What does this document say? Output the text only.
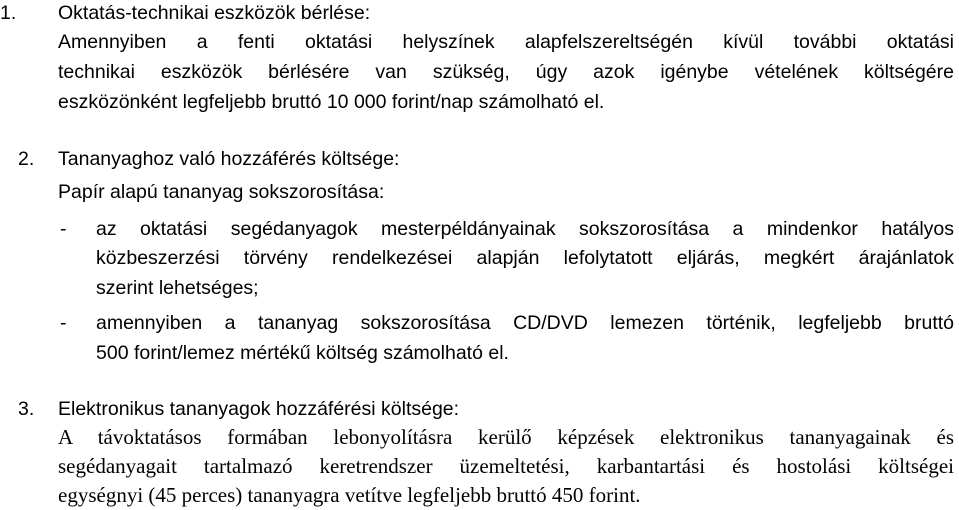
1. Oktatás-technikai eszközök bérlése:
Amennyiben a fenti oktatási helyszínek alapfelszereltségén kívül további oktatási
technikai eszközök bérlésére van szükség, úgy azok igénybe vételének költségére
eszközönként legfeljebb bruttó 10 000 forint/nap számolható el.
2. Tananyaghoz való hozzáférés költsége:
Papír alapú tananyag sokszorosítása:
- az oktatási segédanyagok mesterpéldányainak sokszorosítása a mindenkor hatályos
közbeszerzési törvény rendelkezései alapján lefolytatott eljárás, megkért árajánlatok
szerint lehetséges;
- amennyiben a tananyag sokszorosítása CD/DVD lemezen történik, legfeljebb bruttó
500 forint/lemez mértékű költség számolható el.
3. Elektronikus tananyagok hozzáférési költsége:
A távoktatásos formában lebonyolításra kerülő képzések elektronikus tananyagainak és
segédanyagait tartalmazó keretrendszer üzemeltetési, karbantartási és hostolási költségei
egységnyi (45 perces) tananyagra vetítve legfeljebb bruttó 450 forint.
